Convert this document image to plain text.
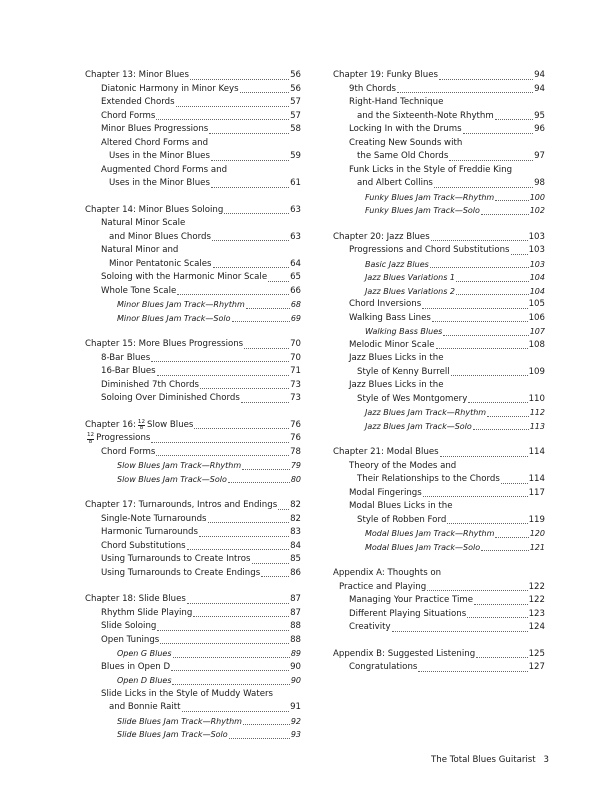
Chapter 13: Minor Blues	56
Diatonic Harmony in Minor Keys	56
Extended Chords	57
Chord Forms	57
Minor Blues Progressions	58
Altered Chord Forms and
Uses in the Minor Blues	59
Augmented Chord Forms and
Uses in the Minor Blues	61
Chapter 14: Minor Blues Soloing	63
Natural Minor Scale
and Minor Blues Chords	63
Natural Minor and
Minor Pentatonic Scales	64
Soloing with the Harmonic Minor Scale	65
Whole Tone Scale	66
Minor Blues Jam Track—Rhythm	68
Minor Blues Jam Track—Solo	69
Chapter 15: More Blues Progressions	70
8-Bar Blues	70
16-Bar Blues	71
Diminished 7th Chords	73
Soloing Over Diminished Chords	73
Chapter 16: $\frac{12}{8}$ Slow Blues	76
$\frac{12}{8}$ Progressions	76
Chord Forms	78
Slow Blues Jam Track—Rhythm	79
Slow Blues Jam Track—Solo	80
Chapter 17: Turnarounds, Intros and Endings 82
Single-Note Turnarounds	82
Harmonic Turnarounds	83
Chord Substitutions	84
Using Turnarounds to Create Intros	85
Using Turnarounds to Create Endings	86
Chapter 18: Slide Blues	87
Rhythm Slide Playing	87
Slide Soloing	88
Open Tunings	88
Open G Blues	89
Blues in Open D	90
Open D Blues	90
Slide Licks in the Style of Muddy Waters
and Bonnie Raitt	91
Slide Blues Jam Track—Rhythm	92
Slide Blues Jam Track—Solo	93
Chapter 19: Funky Blues	94
9th Chords	94
Right-Hand Technique
and the Sixteenth-Note Rhythm	95
Locking In with the Drums	96
Creating New Sounds with
the Same Old Chords	97
Funk Licks in the Style of Freddie King
and Albert Collins	98
Funky Blues Jam Track—Rhythm	100
Funky Blues Jam Track—Solo	102
Chapter 20: Jazz Blues	103
Progressions and Chord Substitutions 103
Basic Jazz Blues	103
Jazz Blues Variations 1	104
Jazz Blues Variations 2	104
Chord Inversions	105
Walking Bass Lines	106
Walking Bass Blues	107
Melodic Minor Scale	108
Jazz Blues Licks in the
Style of Kenny Burrell	109
Jazz Blues Licks in the
Style of Wes Montgomery	110
Jazz Blues Jam Track—Rhythm	112
Jazz Blues Jam Track—Solo	113
Chapter 21: Modal Blues	114
Theory of the Modes and
Their Relationships to the Chords	114
Modal Fingerings	117
Modal Blues Licks in the
Style of Robben Ford	119
Modal Blues Jam Track—Rhythm	120
Modal Blues Jam Track—Solo	121
Appendix A: Thoughts on
Practice and Playing	122
Managing Your Practice Time	122
Different Playing Situations	123
Creativity	124
Appendix B: Suggested Listening	125
Congratulations	127
The Total Blues Guitarist 3
